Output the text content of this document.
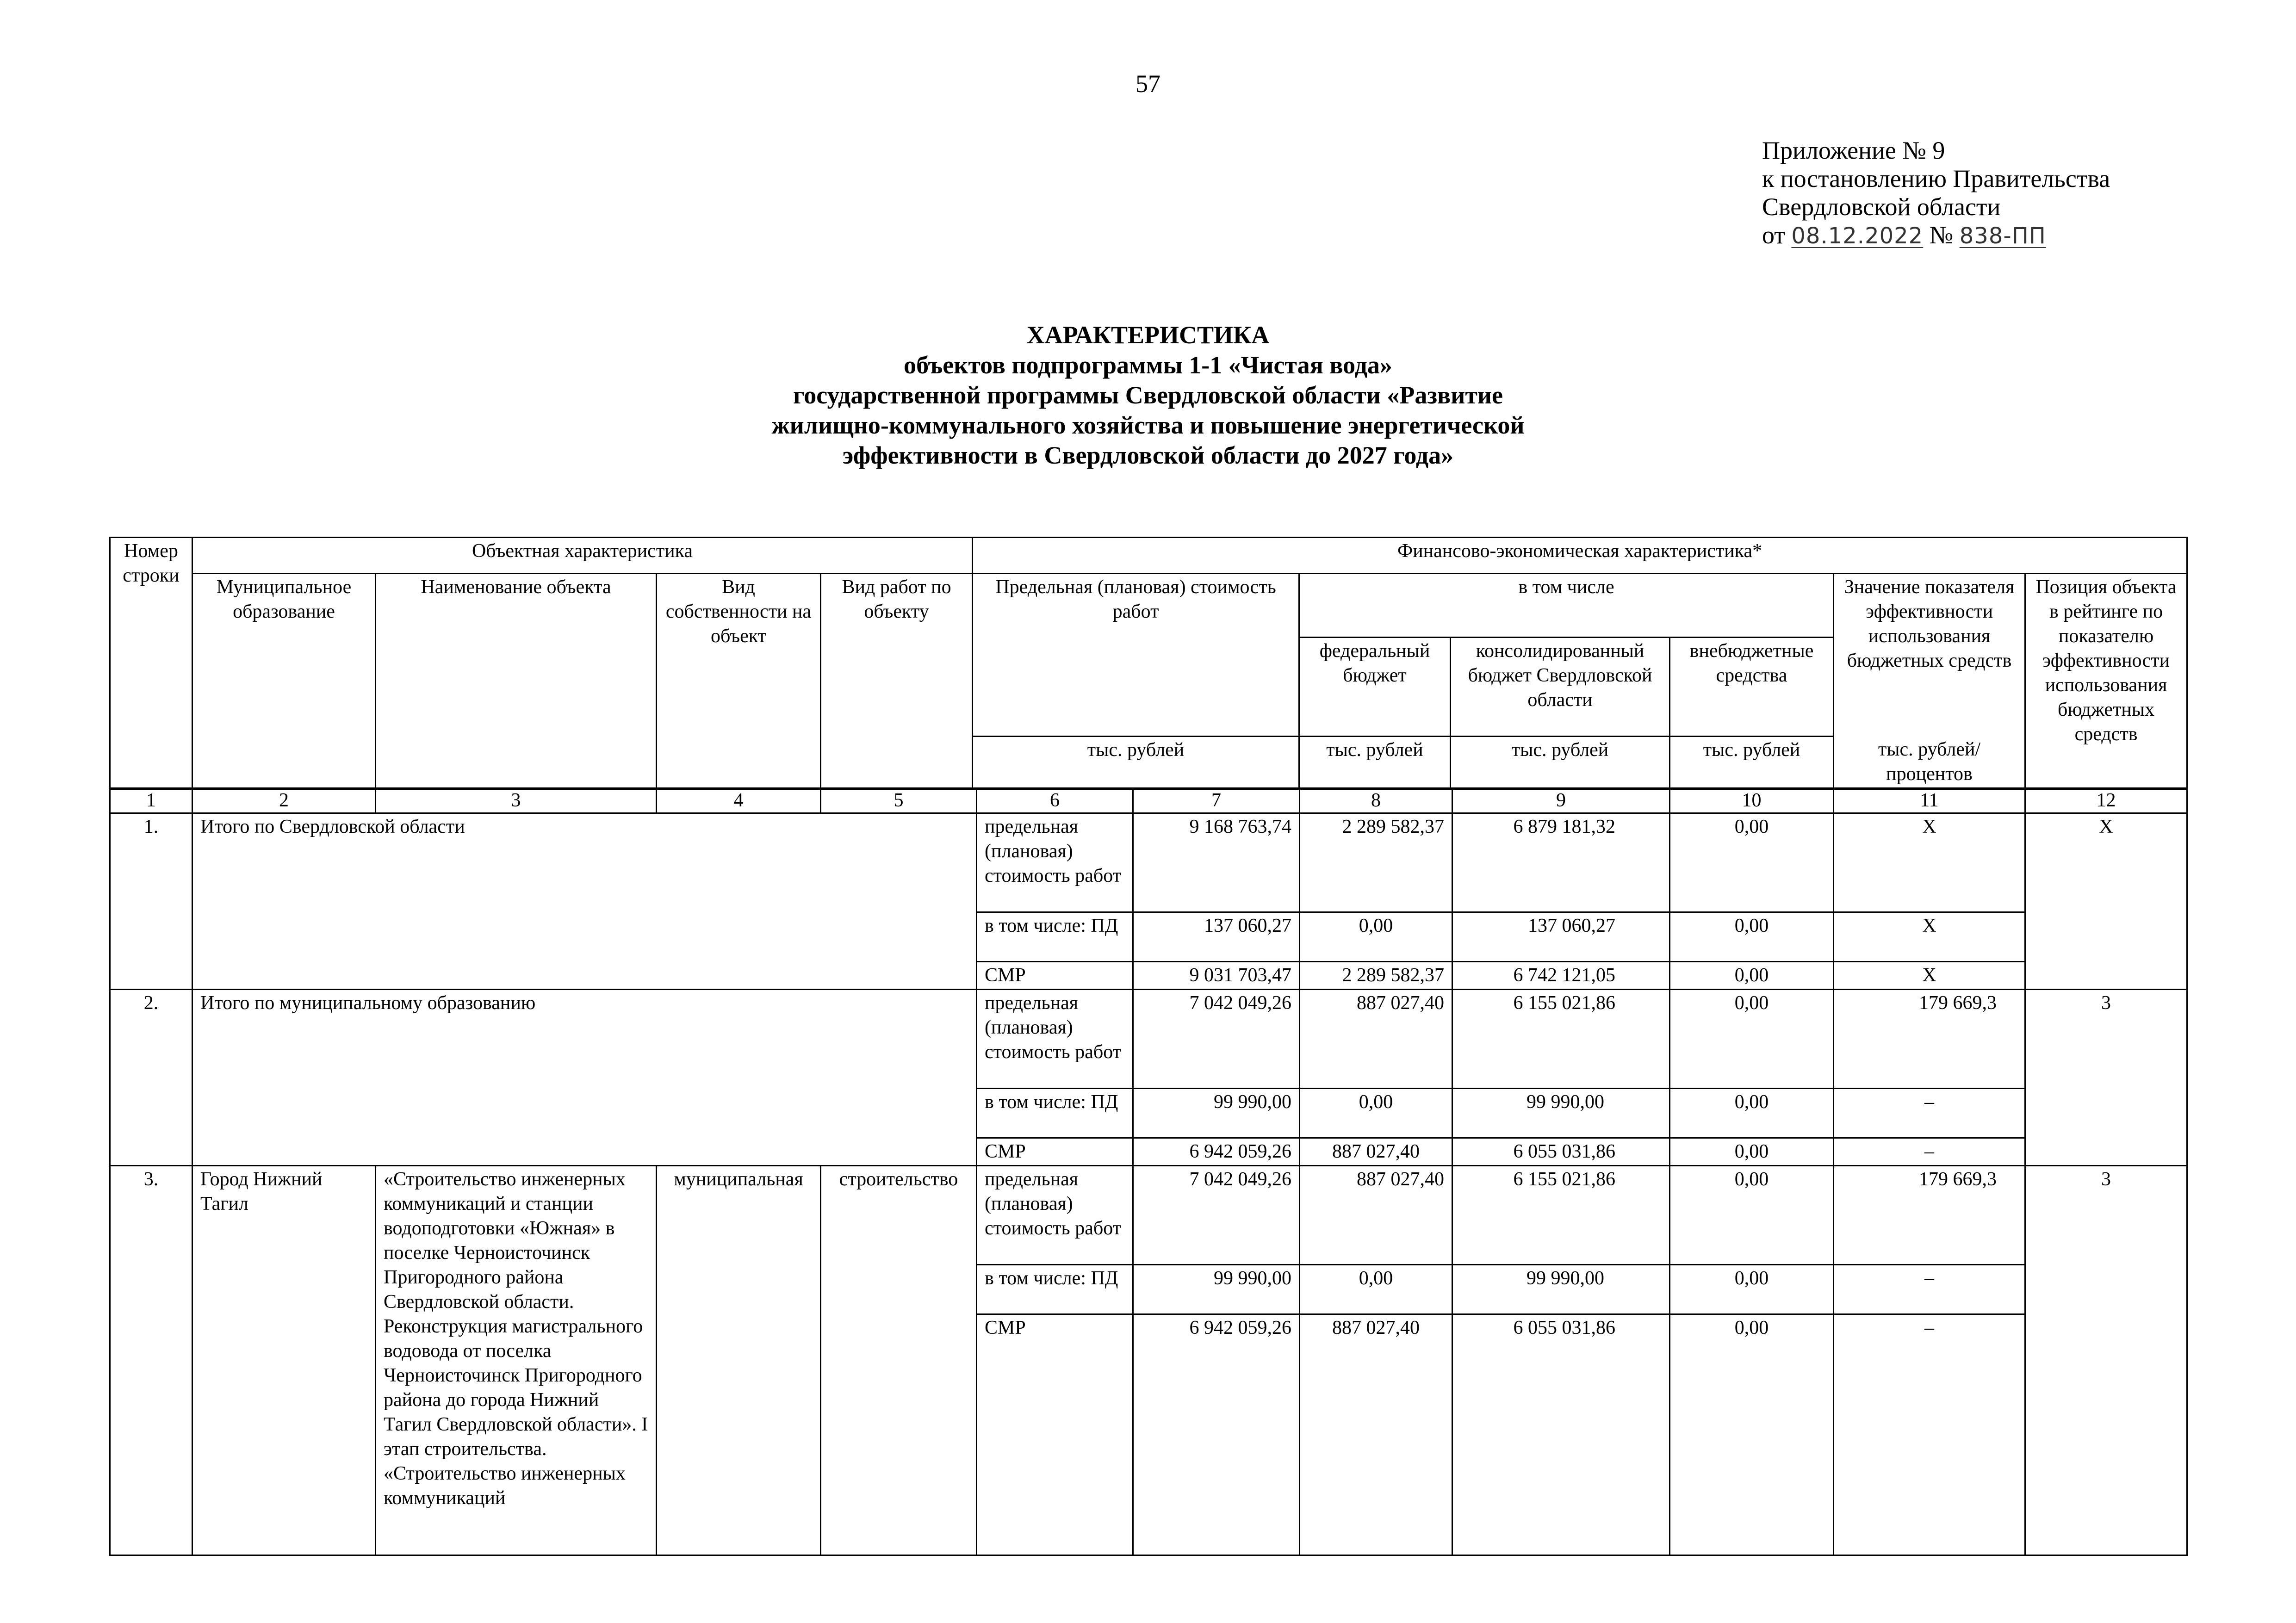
57
Приложение № 9
к постановлению Правительства
Свердловской области
от 08.12.2022 № 838-ПП
ХАРАКТЕРИСТИКА
объектов подпрограммы 1-1 «Чистая вода»
государственной программы Свердловской области «Развитие
жилищно-коммунального хозяйства и повышение энергетической
эффективности в Свердловской области до 2027 года»
Номер строки	Объектная характеристика				Финансово-экономическая характеристика*					
	Муниципальное образование	Наименование объекта	Вид собственности на объект	Вид работ по объекту	Предельная (плановая) стоимость работ	в том числе			Значение показателя эффективности использования бюджетных средств	Позиция объекта в рейтинге по показателю эффективности использования бюджетных средств
						федеральный бюджет	консолидированный бюджет Свердловской области	внебюджетные средства		
					тыс. рублей	тыс. рублей	тыс. рублей	тыс. рублей	тыс. рублей/ процентов	
1	2	3	4	5	6	7	8	9	10	11	12
1.	Итого по Свердловской области				предельная (плановая) стоимость работ	9 168 763,74	2 289 582,37	6 879 181,32	0,00	Х	Х
					в том числе: ПД	137 060,27	0,00	137 060,27	0,00	Х	
					СМР	9 031 703,47	2 289 582,37	6 742 121,05	0,00	Х	
2.	Итого по муниципальному образованию				предельная (плановая) стоимость работ	7 042 049,26	887 027,40	6 155 021,86	0,00	179 669,3	3
					в том числе: ПД	99 990,00	0,00	99 990,00	0,00	–	
					СМР	6 942 059,26	887 027,40	6 055 031,86	0,00	–	
3.	Город Нижний Тагил	«Строительство инженерных коммуникаций и станции водоподготовки «Южная» в поселке Черноисточинск Пригородного района Свердловской области. Реконструкция магистрального водовода от поселка Черноисточинск Пригородного района до города Нижний Тагил Свердловской области». I этап строительства. «Строительство инженерных коммуникаций	муниципальная	строительство	предельная (плановая) стоимость работ	7 042 049,26	887 027,40	6 155 021,86	0,00	179 669,3	3
					в том числе: ПД	99 990,00	0,00	99 990,00	0,00	–	
					СМР	6 942 059,26	887 027,40	6 055 031,86	0,00	–	
